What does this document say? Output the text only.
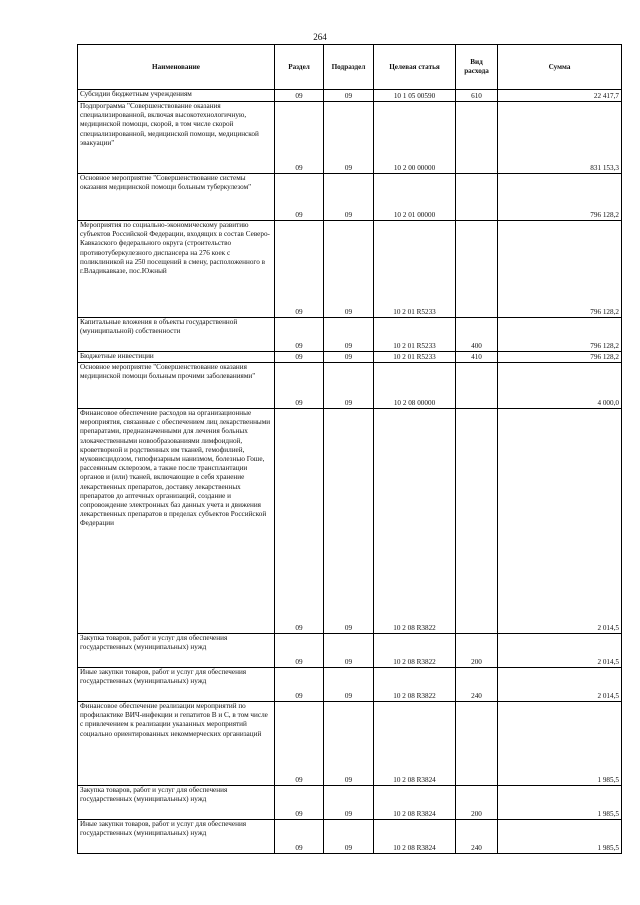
264
Наименование	Раздел	Подраздел	Целевая статья	Вид расхода	Сумма
Субсидии бюджетным учреждениям	09	09	10 1 05 00590	610	22 417,7
Подпрограмма "Совершенствование оказания специализированной, включая высокотехнологичную, медицинской помощи, скорой, в том числе скорой специализированной, медицинской помощи, медицинской эвакуации"	09	09	10 2 00 00000		831 153,3
Основное мероприятие "Совершенствование системы оказания медицинской помощи больным туберкулезом"	09	09	10 2 01 00000		796 128,2
Мероприятия по социально-экономическому развитию субъектов Российской Федерации, входящих в состав Северо-Кавказского федерального округа (строительство противотуберкулезного диспансера на 276 коек с поликлиникой на 250 посещений в смену, расположенного в г.Владикавказе, пос.Южный	09	09	10 2 01 R5233		796 128,2
Капитальные вложения в объекты государственной (муниципальной) собственности	09	09	10 2 01 R5233	400	796 128,2
Бюджетные инвестиции	09	09	10 2 01 R5233	410	796 128,2
Основное мероприятие "Совершенствование оказания медицинской помощи больным прочими заболеваниями"	09	09	10 2 08 00000		4 000,0
Финансовое обеспечение расходов на организационные мероприятия, связанные с обеспечением лиц лекарственными препаратами, предназначенными для лечения больных злокачественными новообразованиями лимфоидной, кроветворной и родственных им тканей, гемофилией, муковисцидозом, гипофизарным нанизмом, болезнью Гоше, рассеянным склерозом, а также после трансплантации органов и (или) тканей, включающие в себя хранение лекарственных препаратов, доставку лекарственных препаратов до аптечных организаций, создание и сопровождение электронных баз данных учета и движения лекарственных препаратов в пределах субъектов Российской Федерации	09	09	10 2 08 R3822		2 014,5
Закупка товаров, работ и услуг для обеспечения государственных (муниципальных) нужд	09	09	10 2 08 R3822	200	2 014,5
Иные закупки товаров, работ и услуг для обеспечения государственных (муниципальных) нужд	09	09	10 2 08 R3822	240	2 014,5
Финансовое обеспечение реализации мероприятий по профилактике ВИЧ-инфекции и гепатитов B и C, в том числе с привлечением к реализации указанных мероприятий социально ориентированных некоммерческих организаций	09	09	10 2 08 R3824		1 985,5
Закупка товаров, работ и услуг для обеспечения государственных (муниципальных) нужд	09	09	10 2 08 R3824	200	1 985,5
Иные закупки товаров, работ и услуг для обеспечения государственных (муниципальных) нужд	09	09	10 2 08 R3824	240	1 985,5
